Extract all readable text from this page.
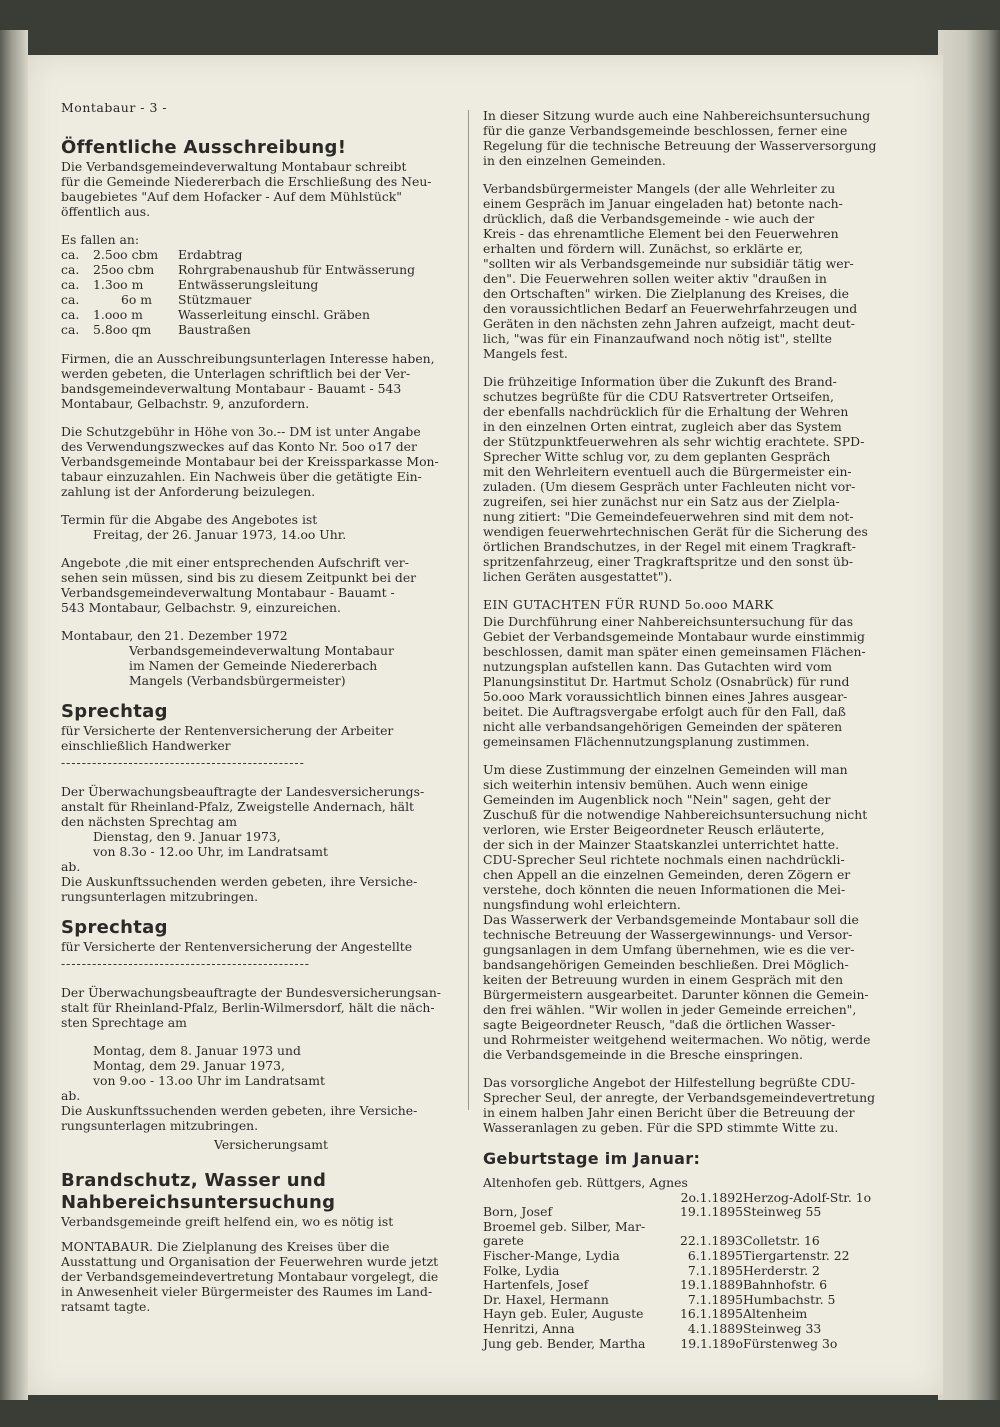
Montabaur - 3 -
Öffentliche Ausschreibung!
Die Verbandsgemeindeverwaltung Montabaur schreibt
für die Gemeinde Niedererbach die Erschließung des Neu-
baugebietes "Auf dem Hofacker - Auf dem Mühlstück"
öffentlich aus.
Es fallen an:
ca.	2.5oo cbm	Erdabtrag
ca.	25oo cbm	Rohrgrabenaushub für Entwässerung
ca.	1.3oo m	Entwässerungsleitung
ca.	6o m	Stützmauer
ca.	1.ooo m	Wasserleitung einschl. Gräben
ca.	5.8oo qm	Baustraßen
Firmen, die an Ausschreibungsunterlagen Interesse haben,
werden gebeten, die Unterlagen schriftlich bei der Ver-
bandsgemeindeverwaltung Montabaur - Bauamt - 543
Montabaur, Gelbachstr. 9, anzufordern.
Die Schutzgebühr in Höhe von 3o.-- DM ist unter Angabe
des Verwendungszweckes auf das Konto Nr. 5oo o17 der
Verbandsgemeinde Montabaur bei der Kreissparkasse Mon-
tabaur einzuzahlen. Ein Nachweis über die getätigte Ein-
zahlung ist der Anforderung beizulegen.
Termin für die Abgabe des Angebotes ist
Freitag, der 26. Januar 1973, 14.oo Uhr.
Angebote ,die mit einer entsprechenden Aufschrift ver-
sehen sein müssen, sind bis zu diesem Zeitpunkt bei der
Verbandsgemeindeverwaltung Montabaur - Bauamt -
543 Montabaur, Gelbachstr. 9, einzureichen.
Montabaur, den 21. Dezember 1972
Verbandsgemeindeverwaltung Montabaur
im Namen der Gemeinde Niedererbach
Mangels (Verbandsbürgermeister)
Sprechtag
für Versicherte der Rentenversicherung der Arbeiter
einschließlich Handwerker
-----------------------------------------------
Der Überwachungsbeauftragte der Landesversicherungs-
anstalt für Rheinland-Pfalz, Zweigstelle Andernach, hält
den nächsten Sprechtag am
Dienstag, den 9. Januar 1973,
von 8.3o - 12.oo Uhr, im Landratsamt
ab.
Die Auskunftssuchenden werden gebeten, ihre Versiche-
rungsunterlagen mitzubringen.
Sprechtag
für Versicherte der Rentenversicherung der Angestellte
------------------------------------------------
Der Überwachungsbeauftragte der Bundesversicherungsan-
stalt für Rheinland-Pfalz, Berlin-Wilmersdorf, hält die näch-
sten Sprechtage am
Montag, dem 8. Januar 1973 und
Montag, dem 29. Januar 1973,
von 9.oo - 13.oo Uhr im Landratsamt
ab.
Die Auskunftssuchenden werden gebeten, ihre Versiche-
rungsunterlagen mitzubringen.
Versicherungsamt
Brandschutz, Wasser und
Nahbereichsuntersuchung
Verbandsgemeinde greift helfend ein, wo es nötig ist
MONTABAUR. Die Zielplanung des Kreises über die
Ausstattung und Organisation der Feuerwehren wurde jetzt
der Verbandsgemeindevertretung Montabaur vorgelegt, die
in Anwesenheit vieler Bürgermeister des Raumes im Land-
ratsamt tagte.
In dieser Sitzung wurde auch eine Nahbereichsuntersuchung
für die ganze Verbandsgemeinde beschlossen, ferner eine
Regelung für die technische Betreuung der Wasserversorgung
in den einzelnen Gemeinden.
Verbandsbürgermeister Mangels (der alle Wehrleiter zu
einem Gespräch im Januar eingeladen hat) betonte nach-
drücklich, daß die Verbandsgemeinde - wie auch der
Kreis - das ehrenamtliche Element bei den Feuerwehren
erhalten und fördern will. Zunächst, so erklärte er,
"sollten wir als Verbandsgemeinde nur subsidiär tätig wer-
den". Die Feuerwehren sollen weiter aktiv "draußen in
den Ortschaften" wirken. Die Zielplanung des Kreises, die
den voraussichtlichen Bedarf an Feuerwehrfahrzeugen und
Geräten in den nächsten zehn Jahren aufzeigt, macht deut-
lich, "was für ein Finanzaufwand noch nötig ist", stellte
Mangels fest.
Die frühzeitige Information über die Zukunft des Brand-
schutzes begrüßte für die CDU Ratsvertreter Ortseifen,
der ebenfalls nachdrücklich für die Erhaltung der Wehren
in den einzelnen Orten eintrat, zugleich aber das System
der Stützpunktfeuerwehren als sehr wichtig erachtete. SPD-
Sprecher Witte schlug vor, zu dem geplanten Gespräch
mit den Wehrleitern eventuell auch die Bürgermeister ein-
zuladen. (Um diesem Gespräch unter Fachleuten nicht vor-
zugreifen, sei hier zunächst nur ein Satz aus der Zielpla-
nung zitiert: "Die Gemeindefeuerwehren sind mit dem not-
wendigen feuerwehrtechnischen Gerät für die Sicherung des
örtlichen Brandschutzes, in der Regel mit einem Tragkraft-
spritzenfahrzeug, einer Tragkraftspritze und den sonst üb-
lichen Geräten ausgestattet").
EIN GUTACHTEN FÜR RUND 5o.ooo MARK
Die Durchführung einer Nahbereichsuntersuchung für das
Gebiet der Verbandsgemeinde Montabaur wurde einstimmig
beschlossen, damit man später einen gemeinsamen Flächen-
nutzungsplan aufstellen kann. Das Gutachten wird vom
Planungsinstitut Dr. Hartmut Scholz (Osnabrück) für rund
5o.ooo Mark voraussichtlich binnen eines Jahres ausgear-
beitet. Die Auftragsvergabe erfolgt auch für den Fall, daß
nicht alle verbandsangehörigen Gemeinden der späteren
gemeinsamen Flächennutzungsplanung zustimmen.
Um diese Zustimmung der einzelnen Gemeinden will man
sich weiterhin intensiv bemühen. Auch wenn einige
Gemeinden im Augenblick noch "Nein" sagen, geht der
Zuschuß für die notwendige Nahbereichsuntersuchung nicht
verloren, wie Erster Beigeordneter Reusch erläuterte,
der sich in der Mainzer Staatskanzlei unterrichtet hatte.
CDU-Sprecher Seul richtete nochmals einen nachdrückli-
chen Appell an die einzelnen Gemeinden, deren Zögern er
verstehe, doch könnten die neuen Informationen die Mei-
nungsfindung wohl erleichtern.
Das Wasserwerk der Verbandsgemeinde Montabaur soll die
technische Betreuung der Wassergewinnungs- und Versor-
gungsanlagen in dem Umfang übernehmen, wie es die ver-
bandsangehörigen Gemeinden beschließen. Drei Möglich-
keiten der Betreuung wurden in einem Gespräch mit den
Bürgermeistern ausgearbeitet. Darunter können die Gemein-
den frei wählen. "Wir wollen in jeder Gemeinde erreichen",
sagte Beigeordneter Reusch, "daß die örtlichen Wasser-
und Rohrmeister weitgehend weitermachen. Wo nötig, werde
die Verbandsgemeinde in die Bresche einspringen.
Das vorsorgliche Angebot der Hilfestellung begrüßte CDU-
Sprecher Seul, der anregte, der Verbandsgemeindevertretung
in einem halben Jahr einen Bericht über die Betreuung der
Wasseranlagen zu geben. Für die SPD stimmte Witte zu.
Geburtstage im Januar:
Altenhofen geb. Rüttgers, Agnes		
	2o.1.1892	Herzog-Adolf-Str. 1o
Born, Josef	19.1.1895	Steinweg 55
Broemel geb. Silber, Mar-		
garete	22.1.1893	Colletstr. 16
Fischer-Mange, Lydia	6.1.1895	Tiergartenstr. 22
Folke, Lydia	7.1.1895	Herderstr. 2
Hartenfels, Josef	19.1.1889	Bahnhofstr. 6
Dr. Haxel, Hermann	7.1.1895	Humbachstr. 5
Hayn geb. Euler, Auguste	16.1.1895	Altenheim
Henritzi, Anna	4.1.1889	Steinweg 33
Jung geb. Bender, Martha	19.1.189o	Fürstenweg 3o
